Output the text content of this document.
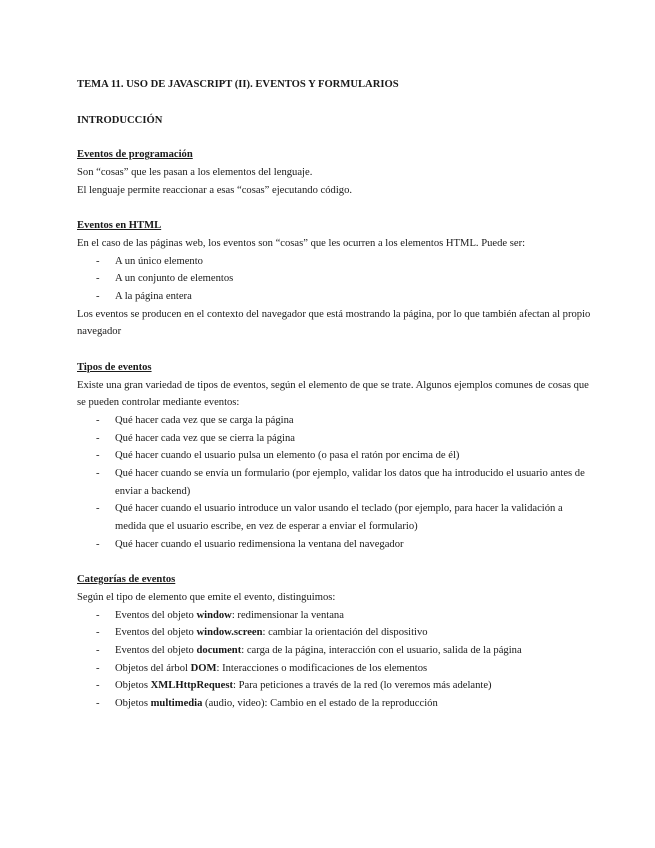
TEMA 11. USO DE JAVASCRIPT (II). EVENTOS Y FORMULARIOS

INTRODUCCIÓN

Eventos de programación

Son “cosas” que les pasan a los elementos del lenguaje.

El lenguaje permite reaccionar a esas “cosas” ejecutando código.

Eventos en HTML

En el caso de las páginas web, los eventos son “cosas” que les ocurren a los elementos HTML. Puede ser:

- A un único elemento
- A un conjunto de elementos
- A la página entera

Los eventos se producen en el contexto del navegador que está mostrando la página, por lo que también afectan al propio navegador

Tipos de eventos

Existe una gran variedad de tipos de eventos, según el elemento de que se trate. Algunos ejemplos comunes de cosas que se pueden controlar mediante eventos:

- Qué hacer cada vez que se carga la página
- Qué hacer cada vez que se cierra la página
- Qué hacer cuando el usuario pulsa un elemento (o pasa el ratón por encima de él)
- Qué hacer cuando se envía un formulario (por ejemplo, validar los datos que ha introducido el usuario antes de enviar a backend)
- Qué hacer cuando el usuario introduce un valor usando el teclado (por ejemplo, para hacer la validación a medida que el usuario escribe, en vez de esperar a enviar el formulario)
- Qué hacer cuando el usuario redimensiona la ventana del navegador

Categorías de eventos

Según el tipo de elemento que emite el evento, distinguimos:

- Eventos del objeto window: redimensionar la ventana
- Eventos del objeto window.screen: cambiar la orientación del dispositivo
- Eventos del objeto document: carga de la página, interacción con el usuario, salida de la página
- Objetos del árbol DOM: Interacciones o modificaciones de los elementos
- Objetos XMLHttpRequest: Para peticiones a través de la red (lo veremos más adelante)
- Objetos multimedia (audio, video): Cambio en el estado de la reproducción
